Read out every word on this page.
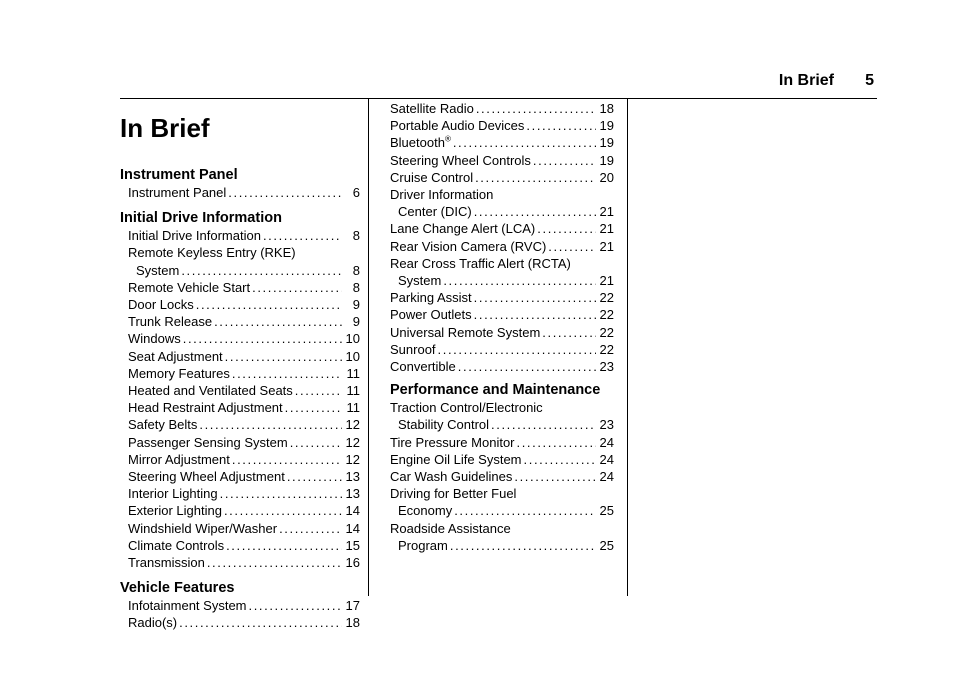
In Brief 5
In Brief
Instrument Panel
Instrument Panel .....	6
Initial Drive Information
Initial Drive Information .....	8
Remote Keyless Entry (RKE)
System .....	8
Remote Vehicle Start .....	8
Door Locks .....	9
Trunk Release .....	9
Windows .....	10
Seat Adjustment .....	10
Memory Features .....	11
Heated and Ventilated Seats .....	11
Head Restraint Adjustment .....	11
Safety Belts .....	12
Passenger Sensing System .....	12
Mirror Adjustment .....	12
Steering Wheel Adjustment .....	13
Interior Lighting .....	13
Exterior Lighting .....	14
Windshield Wiper/Washer .....	14
Climate Controls .....	15
Transmission .....	16
Vehicle Features
Infotainment System .....	17
Radio(s) .....	18
Satellite Radio .....	18
Portable Audio Devices .....	19
Bluetooth® .....	19
Steering Wheel Controls .....	19
Cruise Control .....	20
Driver Information
Center (DIC) .....	21
Lane Change Alert (LCA) .....	21
Rear Vision Camera (RVC) .....	21
Rear Cross Traffic Alert (RCTA)
System .....	21
Parking Assist .....	22
Power Outlets .....	22
Universal Remote System .....	22
Sunroof .....	22
Convertible .....	23
Performance and Maintenance
Traction Control/Electronic
Stability Control .....	23
Tire Pressure Monitor .....	24
Engine Oil Life System .....	24
Car Wash Guidelines .....	24
Driving for Better Fuel
Economy .....	25
Roadside Assistance
Program .....	25
